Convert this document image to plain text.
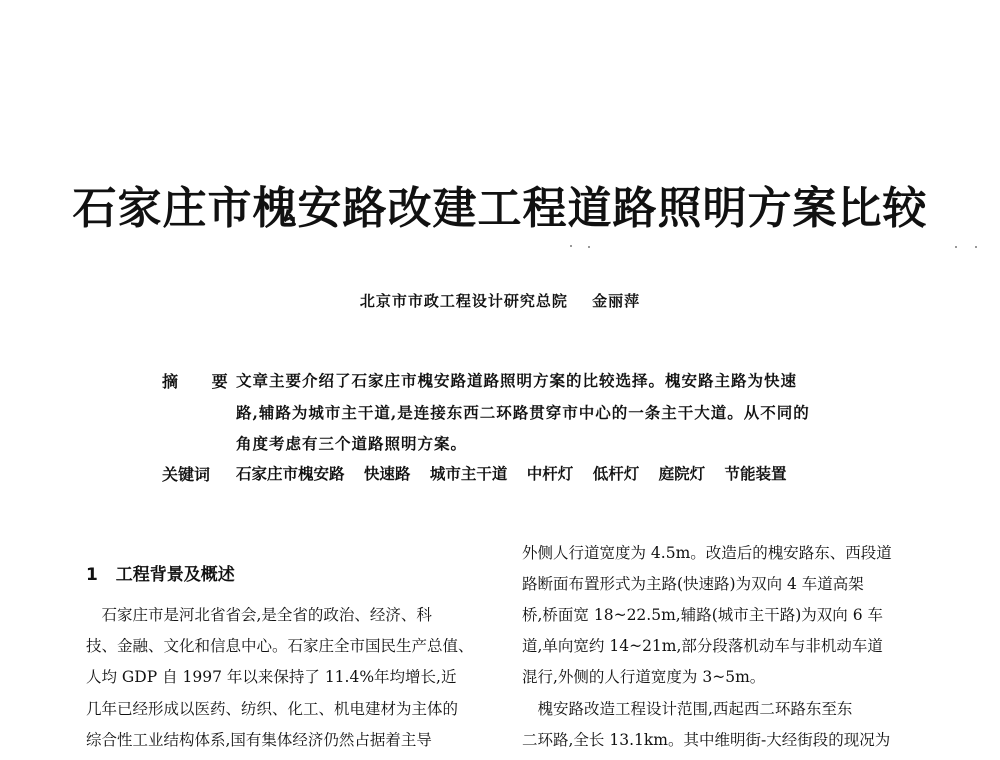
石家庄市槐安路改建工程道路照明方案比较
北京市市政工程设计研究总院 金丽萍
摘 要
文章主要介绍了石家庄市槐安路道路照明方案的比较选择。槐安路主路为快速
路,辅路为城市主干道,是连接东西二环路贯穿市中心的一条主干大道。从不同的
角度考虑有三个道路照明方案。
关键词 石家庄市槐安路 快速路 城市主干道 中杆灯 低杆灯 庭院灯 节能装置
1 工程背景及概述
　石家庄市是河北省省会,是全省的政治、经济、科
技、金融、文化和信息中心。石家庄全市国民生产总值、
人均 GDP 自 1997 年以来保持了 11.4%年均增长,近
几年已经形成以医药、纺织、化工、机电建材为主体的
综合性工业结构体系,国有集体经济仍然占据着主导
外侧人行道宽度为 4.5m。改造后的槐安路东、西段道
路断面布置形式为主路(快速路)为双向 4 车道高架
桥,桥面宽 18~22.5m,辅路(城市主干路)为双向 6 车
道,单向宽约 14~21m,部分段落机动车与非机动车道
混行,外侧的人行道宽度为 3~5m。
　槐安路改造工程设计范围,西起西二环路东至东
二环路,全长 13.1km。其中维明街-大经街段的现况为
